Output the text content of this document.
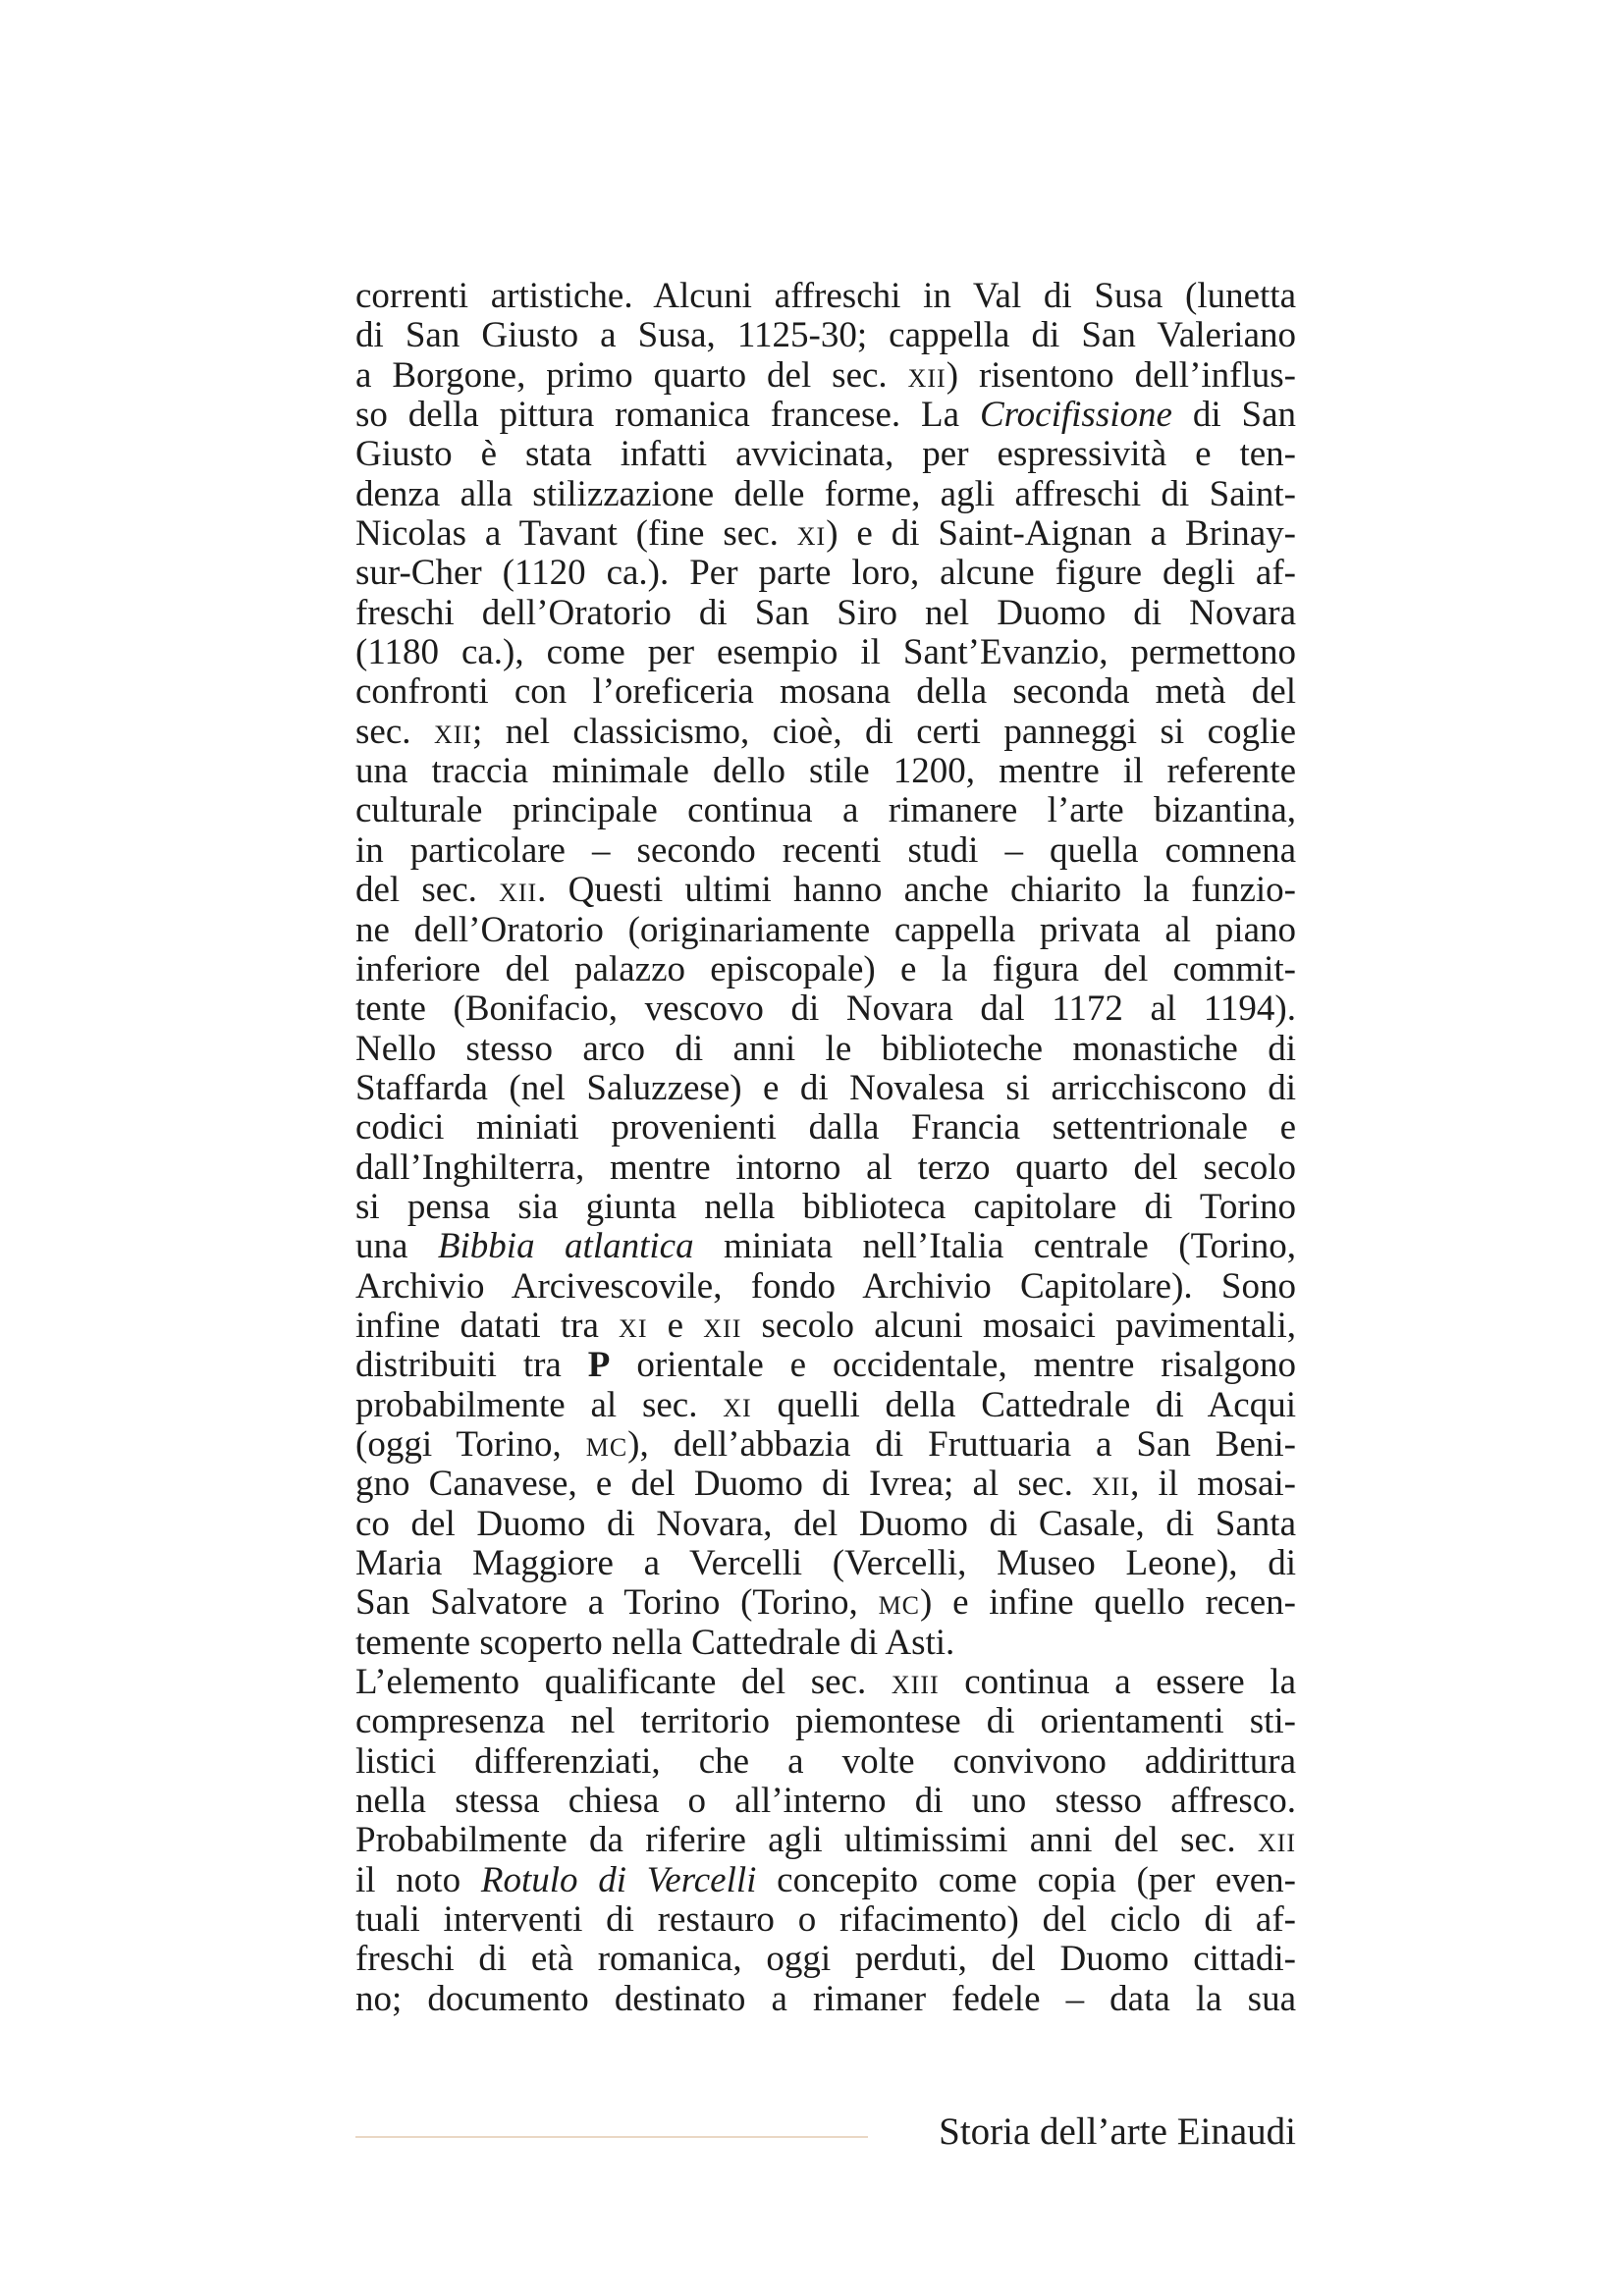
correnti artistiche. Alcuni affreschi in Val di Susa (lunetta
di San Giusto a Susa, 1125-30; cappella di San Valeriano
a Borgone, primo quarto del sec. xii) risentono dell’influs-
so della pittura romanica francese. La Crocifissione di San
Giusto è stata infatti avvicinata, per espressività e ten-
denza alla stilizzazione delle forme, agli affreschi di Saint-
Nicolas a Tavant (fine sec. xi) e di Saint-Aignan a Brinay-
sur-Cher (1120 ca.). Per parte loro, alcune figure degli af-
freschi dell’Oratorio di San Siro nel Duomo di Novara
(1180 ca.), come per esempio il Sant’Evanzio, permettono
confronti con l’oreficeria mosana della seconda metà del
sec. xii; nel classicismo, cioè, di certi panneggi si coglie
una traccia minimale dello stile 1200, mentre il referente
culturale principale continua a rimanere l’arte bizantina,
in particolare – secondo recenti studi – quella comnena
del sec. xii. Questi ultimi hanno anche chiarito la funzio-
ne dell’Oratorio (originariamente cappella privata al piano
inferiore del palazzo episcopale) e la figura del commit-
tente (Bonifacio, vescovo di Novara dal 1172 al 1194).
Nello stesso arco di anni le biblioteche monastiche di
Staffarda (nel Saluzzese) e di Novalesa si arricchiscono di
codici miniati provenienti dalla Francia settentrionale e
dall’Inghilterra, mentre intorno al terzo quarto del secolo
si pensa sia giunta nella biblioteca capitolare di Torino
una Bibbia atlantica miniata nell’Italia centrale (Torino,
Archivio Arcivescovile, fondo Archivio Capitolare). Sono
infine datati tra xi e xii secolo alcuni mosaici pavimentali,
distribuiti tra P orientale e occidentale, mentre risalgono
probabilmente al sec. xi quelli della Cattedrale di Acqui
(oggi Torino, mc), dell’abbazia di Fruttuaria a San Beni-
gno Canavese, e del Duomo di Ivrea; al sec. xii, il mosai-
co del Duomo di Novara, del Duomo di Casale, di Santa
Maria Maggiore a Vercelli (Vercelli, Museo Leone), di
San Salvatore a Torino (Torino, mc) e infine quello recen-
temente scoperto nella Cattedrale di Asti.
L’elemento qualificante del sec. xiii continua a essere la
compresenza nel territorio piemontese di orientamenti sti-
listici differenziati, che a volte convivono addirittura
nella stessa chiesa o all’interno di uno stesso affresco.
Probabilmente da riferire agli ultimissimi anni del sec. xii
il noto Rotulo di Vercelli concepito come copia (per even-
tuali interventi di restauro o rifacimento) del ciclo di af-
freschi di età romanica, oggi perduti, del Duomo cittadi-
no; documento destinato a rimaner fedele – data la sua
Storia dell’arte Einaudi
